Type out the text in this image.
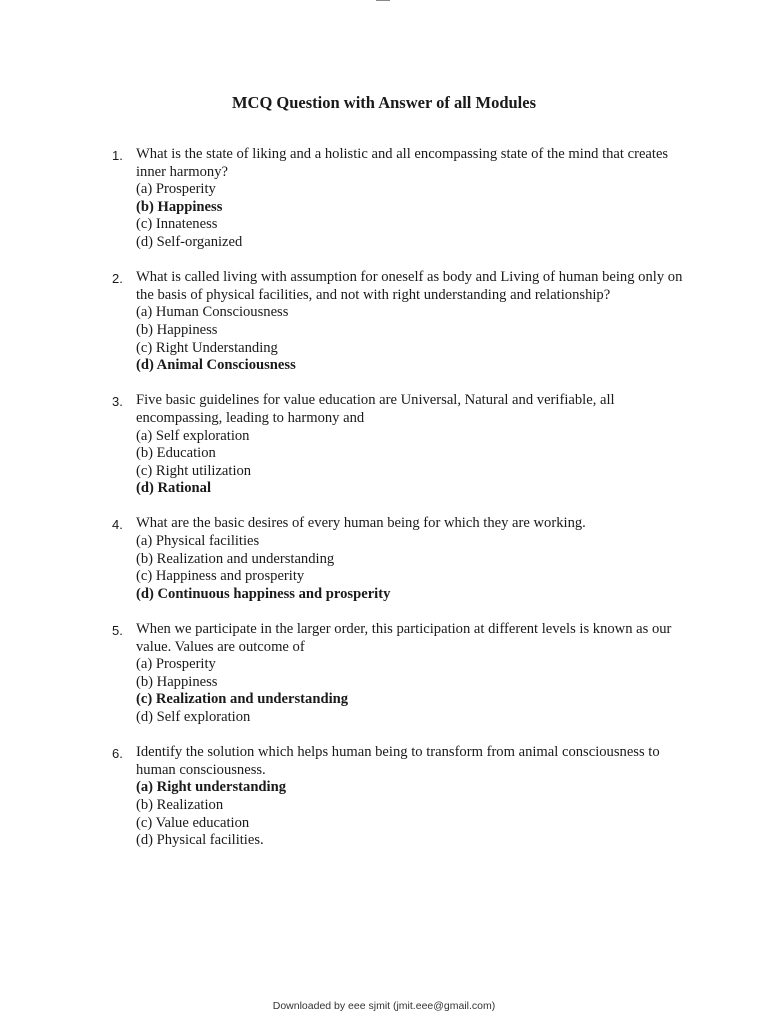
MCQ Question with Answer of all Modules
1. What is the state of liking and a holistic and all encompassing state of the mind that creates inner harmony?
(a) Prosperity
(b) Happiness
(c) Innateness
(d) Self-organized
2. What is called living with assumption for oneself as body and Living of human being only on the basis of physical facilities, and not with right understanding and relationship?
(a) Human Consciousness
(b) Happiness
(c) Right Understanding
(d) Animal Consciousness
3. Five basic guidelines for value education are Universal, Natural and verifiable, all encompassing, leading to harmony and
(a) Self exploration
(b) Education
(c) Right utilization
(d) Rational
4. What are the basic desires of every human being for which they are working.
(a) Physical facilities
(b) Realization and understanding
(c) Happiness and prosperity
(d) Continuous happiness and prosperity
5. When we participate in the larger order, this participation at different levels is known as our value. Values are outcome of
(a) Prosperity
(b) Happiness
(c) Realization and understanding
(d) Self exploration
6. Identify the solution which helps human being to transform from animal consciousness to human consciousness.
(a) Right understanding
(b) Realization
(c) Value education
(d) Physical facilities.
Downloaded by eee sjmit (jmit.eee@gmail.com)
